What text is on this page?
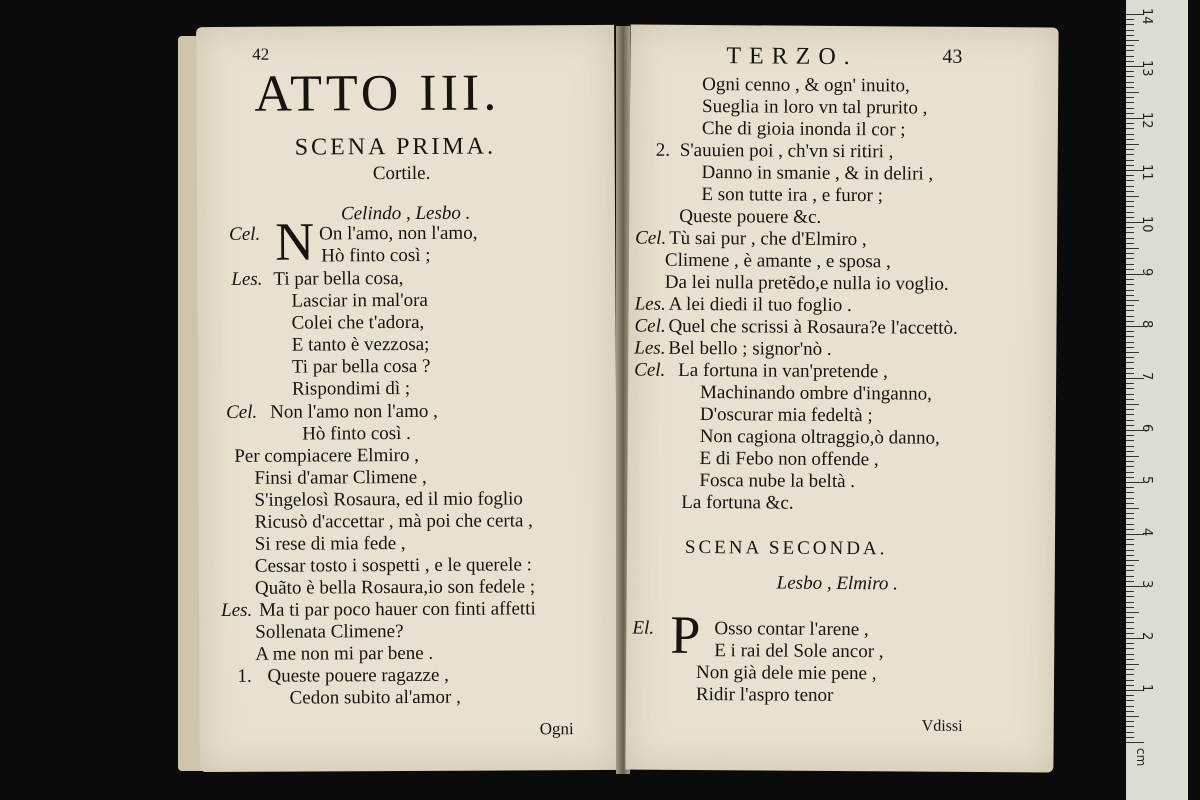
42
ATTO III.
SCENA PRIMA.
Cortile.
Celindo , Lesbo .
Cel. N On l'amo, non l'amo,
Hò finto così ;
Les. Ti par bella cosa,
Lasciar in mal'ora
Colei che t'adora,
E tanto è vezzosa;
Ti par bella cosa ?
Rispondimi dì ;
Cel. Non l'amo non l'amo ,
Hò finto così .
Per compiacere Elmiro ,
Finsi d'amar Climene ,
S'ingelosì Rosaura, ed il mio foglio
Ricusò d'accettar , mà poi che certa ,
Si rese di mia fede ,
Cessar tosto i sospetti , e le querele :
Quãto è bella Rosaura,io son fedele ;
Les. Ma ti par poco hauer con finti affetti
Sollenata Climene?
A me non mi par bene .
1. Queste pouere ragazze ,
Cedon subito al'amor ,
Ogni
TERZO.	43
Ogni cenno , & ogn' inuito,
Sueglia in loro vn tal prurito ,
Che di gioia inonda il cor ;
2. S'auuien poi , ch'vn si ritiri ,
Danno in smanie , & in deliri ,
E son tutte ira , e furor ;
Queste pouere &c.
Cel. Tù sai pur , che d'Elmiro ,
Climene , è amante , e sposa ,
Da lei nulla pretẽdo,e nulla io voglio.
Les. A lei diedi il tuo foglio .
Cel. Quel che scrissi à Rosaura?e l'accettò.
Les. Bel bello ; signor'nò .
Cel. La fortuna in van'pretende ,
Machinando ombre d'inganno,
D'oscurar mia fedeltà ;
Non cagiona oltraggio,ò danno,
E di Febo non offende ,
Fosca nube la beltà .
La fortuna &c.
SCENA SECONDA.
Lesbo , Elmiro .
El. P Osso contar l'arene ,
E i rai del Sole ancor ,
Non già dele mie pene ,
Ridir l'aspro tenor
Vdissi
cm
1
2
3
4
5
6
7
8
9
10
11
12
13
14
